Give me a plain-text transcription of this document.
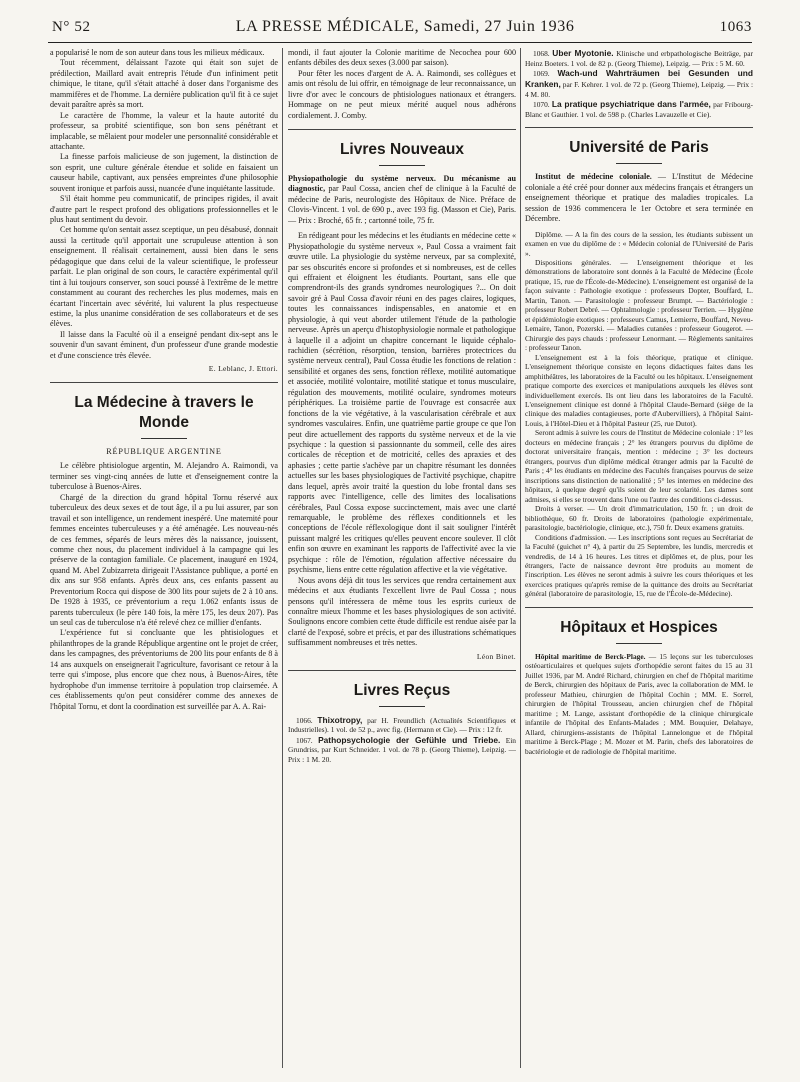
N° 52	LA PRESSE MÉDICALE, Samedi, 27 Juin 1936	1063

a popularisé le nom de son auteur dans tous les milieux médicaux.

Tout récemment, délaissant l'azote qui était son sujet de prédilection, Maillard avait entrepris l'étude d'un infiniment petit chimique, le titane, qu'il s'était attaché à doser dans l'organisme des mammifères et de l'homme. La dernière publication qu'il fit à ce sujet devait paraître après sa mort.

Le caractère de l'homme, la valeur et la haute autorité du professeur, sa probité scientifique, son bon sens pénétrant et implacable, se mêlaient pour modeler une personnalité considérable et attachante.

La finesse parfois malicieuse de son jugement, la distinction de son esprit, une culture générale étendue et solide en faisaient un causeur habile, captivant, aux pensées empreintes d'une philosophie souvent ironique et parfois aussi, nuancée d'une inquiétante lassitude.

S'il était homme peu communicatif, de principes rigides, il avait d'autre part le respect profond des obligations professionnelles et le plus haut sentiment du devoir.

Cet homme qu'on sentait assez sceptique, un peu désabusé, donnait aussi la certitude qu'il apportait une scrupuleuse attention à son enseignement. Il réalisait certainement, aussi bien dans le sens pédagogique que dans celui de la valeur scientifique, le professeur parfait. Le plan original de son cours, le caractère expérimental qu'il tint à lui toujours conserver, son souci poussé à l'extrême de le mettre constamment au courant des recherches les plus modernes, mais en écartant l'incertain avec sévérité, lui valurent la plus respectueuse estime, la plus unanime considération de ses collaborateurs et de ses élèves.

Il laisse dans la Faculté où il a enseigné pendant dix-sept ans le souvenir d'un savant éminent, d'un professeur d'une grande modestie et d'une conscience très élevée.

E. Leblanc, J. Ettori.
La Médecine à travers le Monde
RÉPUBLIQUE ARGENTINE

Le célèbre phtisiologue argentin, M. Alejandro A. Raimondi, va terminer ses vingt-cinq années de lutte et d'enseignement contre la tuberculose à Buenos-Aires.

Chargé de la direction du grand hôpital Tornu réservé aux tuberculeux des deux sexes et de tout âge, il a pu lui assurer, par son travail et son intelligence, un rendement inespéré. Une maternité pour femmes enceintes tuberculeuses y a été aménagée. Les nouveau-nés de ces femmes, séparés de leurs mères dès la naissance, jouissent, comme chez nous, du placement individuel à la campagne qui les préserve de la contagion familiale. Ce placement, inauguré en 1924, quand M. Abel Zubizarreta dirigeait l'Assistance publique, a porté en dix ans sur 958 enfants. Après deux ans, ces enfants passent au Preventorium Rocca qui dispose de 300 lits pour sujets de 2 à 10 ans. De 1928 à 1935, ce préventorium a reçu 1.062 enfants issus de parents tuberculeux (le père 140 fois, la mère 175, les deux 207). Pas un seul cas de tuberculose n'a été relevé chez ce millier d'enfants.

L'expérience fut si concluante que les phtisiologues et philanthropes de la grande République argentine ont le projet de créer, dans les campagnes, des préventoriums de 200 lits pour enfants de 8 à 14 ans auxquels on enseignerait l'agriculture, favorisant ce retour à la terre qui s'impose, plus encore que chez nous, à Buenos-Aires, tête hydrophobe d'un immense territoire à population trop clairsemée. A ces établissements qu'on peut considérer comme des annexes de l'hôpital Tornu, et dont la coordination est surveillée par A. A. Rai-

mondi, il faut ajouter la Colonie maritime de Necochea pour 600 enfants débiles des deux sexes (3.000 par saison).

Pour fêter les noces d'argent de A. A. Raimondi, ses collègues et amis ont résolu de lui offrir, en témoignage de leur reconnaissance, un livre d'or avec le concours de phtisiologues nationaux et étrangers. Hommage on ne peut mieux mérité auquel nous adhérons cordialement. J. Comby.

Livres Nouveaux

Physiopathologie du système nerveux. Du mécanisme au diagnostic, par Paul Cossa, ancien chef de clinique à la Faculté de médecine de Paris, neurologiste des Hôpitaux de Nice. Préface de Clovis-Vincent. 1 vol. de 690 p., avec 193 fig. (Masson et Cie), Paris. — Prix : Broché, 65 fr. ; cartonné toile, 75 fr.

En rédigeant pour les médecins et les étudiants en médecine cette « Physiopathologie du système nerveux », Paul Cossa a vraiment fait œuvre utile. La physiologie du système nerveux, par sa complexité, par ses obscurités encore si profondes et si nombreuses, est de celles qui effraient et éloignent les étudiants. Pourtant, sans elle que comprendront-ils des grands syndromes neurologiques ?... On doit savoir gré à Paul Cossa d'avoir réuni en des pages claires, logiques, toutes les connaissances indispensables, en anatomie et en physiologie, à qui veut aborder utilement l'étude de la pathologie nerveuse. Après un aperçu d'histophysiologie normale et pathologique à laquelle il a adjoint un chapitre concernant le liquide céphalo-rachidien (sécrétion, résorption, tension, barrières protectrices du système nerveux central), Paul Cossa étudie les fonctions de relation : sensibilité et organes des sens, fonction réflexe, motilité automatique et associée, motilité volontaire, motilité statique et tonus musculaire, régulation des mouvements, motilité oculaire, syndromes moteurs périphériques. La troisième partie de l'ouvrage est consacrée aux fonctions de la vie végétative, à la vascularisation cérébrale et aux syndromes vasculaires. Enfin, une quatrième partie groupe ce que l'on peut dire actuellement des rapports du système nerveux et de la vie psychique : la question si passionnante du sommeil, celle des aires corticales de réception et de motricité, celles des apraxies et des aphasies ; cette partie s'achève par un chapitre résumant les données actuelles sur les bases physiologiques de l'activité psychique, chapitre dans lequel, après avoir traité la question du lobe frontal dans ses rapports avec l'intelligence, celle des limites des localisations cérébrales, Paul Cossa expose succinctement, mais avec une clarté remarquable, le problème des réflexes conditionnels et les conceptions de l'école réflexologique dont il sait souligner l'intérêt puissant malgré les critiques qu'elles peuvent encore soulever. Il clôt enfin son œuvre en examinant les rapports de l'affectivité avec la vie psychique : rôle de l'émotion, régulation affective nécessaire du psychisme, liens entre cette régulation affective et la vie végétative.

Nous avons déjà dit tous les services que rendra certainement aux médecins et aux étudiants l'excellent livre de Paul Cossa ; nous pensons qu'il intéressera de même tous les esprits curieux de connaître mieux l'homme et les bases physiologiques de son activité. Soulignons encore combien cette étude difficile est rendue aisée par la clarté de l'exposé, sobre et précis, et par des illustrations schématiques suffisamment nombreuses et très nettes.

Léon Binet.
Livres Reçus

1066. Thixotropy, par H. Freundlich (Actualités Scientifiques et Industrielles). 1 vol. de 52 p., avec fig. (Hermann et Cie). — Prix : 12 fr.

1067. Pathopsychologie der Gefühle und Triebe. Ein Grundriss, par Kurt Schneider. 1 vol. de 78 p. (Georg Thieme), Leipzig. — Prix : 1 M. 20.

1068. Uber Myotonie. Klinische und erbpathologische Beiträge, par Heinz Boeters. 1 vol. de 82 p. (Georg Thieme), Leipzig. — Prix : 5 M. 60.

1069. Wach-und Wahrträumen bei Gesunden und Kranken, par F. Kehrer. 1 vol. de 72 p. (Georg Thieme), Leipzig. — Prix : 4 M. 80.

1070. La pratique psychiatrique dans l'armée, par Fribourg-Blanc et Gauthier. 1 vol. de 598 p. (Charles Lavauzelle et Cie).

Université de Paris

Institut de médecine coloniale. — L'Institut de Médecine coloniale a été créé pour donner aux médecins français et étrangers un enseignement théorique et pratique des maladies tropicales. La session de 1936 commencera le 1er Octobre et sera terminée en Décembre.

Diplôme. — A la fin des cours de la session, les étudiants subissent un examen en vue du diplôme de : « Médecin colonial de l'Université de Paris ».

Dispositions générales. — L'enseignement théorique et les démonstrations de laboratoire sont donnés à la Faculté de Médecine (École pratique, 15, rue de l'École-de-Médecine). L'enseignement est organisé de la façon suivante : Pathologie exotique : professeurs Dopter, Bouffard, L. Martin, Tanon. — Parasitologie : professeur Brumpt. — Bactériologie : professeur Robert Debré. — Ophtalmologie : professeur Terrien. — Hygiène et épidémiologie exotiques : professeurs Camus, Lemierre, Bouffard, Neveu-Lemaire, Tanon, Pozerski. — Maladies cutanées : professeur Gougerot. — Chirurgie des pays chauds : professeur Lenormant. — Règlements sanitaires : professeur Tanon.

L'enseignement est à la fois théorique, pratique et clinique. L'enseignement théorique consiste en leçons didactiques faites dans les amphithéâtres, les laboratoires de la Faculté ou les hôpitaux. L'enseignement pratique comporte des exercices et manipulations auxquels les élèves sont individuellement exercés. Ils ont lieu dans les laboratoires de la Faculté. L'enseignement clinique est donné à l'hôpital Claude-Bernard (siège de la clinique des maladies contagieuses, porte d'Aubervilliers), à l'hôpital Saint-Louis, à l'Hôtel-Dieu et à l'hôpital Pasteur (25, rue Dutot).

Seront admis à suivre les cours de l'Institut de Médecine coloniale : 1° les docteurs en médecine français ; 2° les étrangers pourvus du diplôme de doctorat universitaire français, mention : médecine ; 3° les docteurs étrangers, pourvus d'un diplôme médical étranger admis par la Faculté de Paris ; 4° les étudiants en médecine des Facultés françaises pourvus de seize inscriptions sans distinction de nationalité ; 5° les internes en médecine des hôpitaux, à quelque degré qu'ils soient de leur scolarité. Les dames sont admises, si elles se trouvent dans l'une ou l'autre des conditions ci-dessus.

Droits à verser. — Un droit d'immatriculation, 150 fr. ; un droit de bibliothèque, 60 fr. Droits de laboratoires (pathologie expérimentale, parasitologie, bactériologie, clinique, etc.), 750 fr. Deux examens gratuits.

Conditions d'admission. — Les inscriptions sont reçues au Secrétariat de la Faculté (guichet n° 4), à partir du 25 Septembre, les lundis, mercredis et vendredis, de 14 à 16 heures. Les titres et diplômes et, de plus, pour les étrangers, l'acte de naissance devront être produits au moment de l'inscription. Les élèves ne seront admis à suivre les cours théoriques et les exercices pratiques qu'après remise de la quittance des droits au Secrétariat général (laboratoire de parasitologie, 15, rue de l'École-de-Médecine).

Hôpitaux et Hospices

Hôpital maritime de Berck-Plage. — 15 leçons sur les tuberculoses ostéoarticulaires et quelques sujets d'orthopédie seront faites du 15 au 31 Juillet 1936, par M. André Richard, chirurgien en chef de l'hôpital maritime de Berck, chirurgien des hôpitaux de Paris, avec la collaboration de MM. le professeur Mathieu, chirurgien de l'hôpital Cochin ; MM. E. Sorrel, chirurgien de l'hôpital Trousseau, ancien chirurgien chef de l'hôpital maritime ; M. Lange, assistant d'orthopédie de la clinique chirurgicale infantile de l'hôpital des Enfants-Malades ; MM. Bouquier, Delahaye, Allard, chirurgiens-assistants de l'hôpital Lannelongue et de l'hôpital maritime à Berck-Plage ; M. Mozer et M. Parin, chefs des laboratoires de bactériologie et de radiologie de l'hôpital maritime.
